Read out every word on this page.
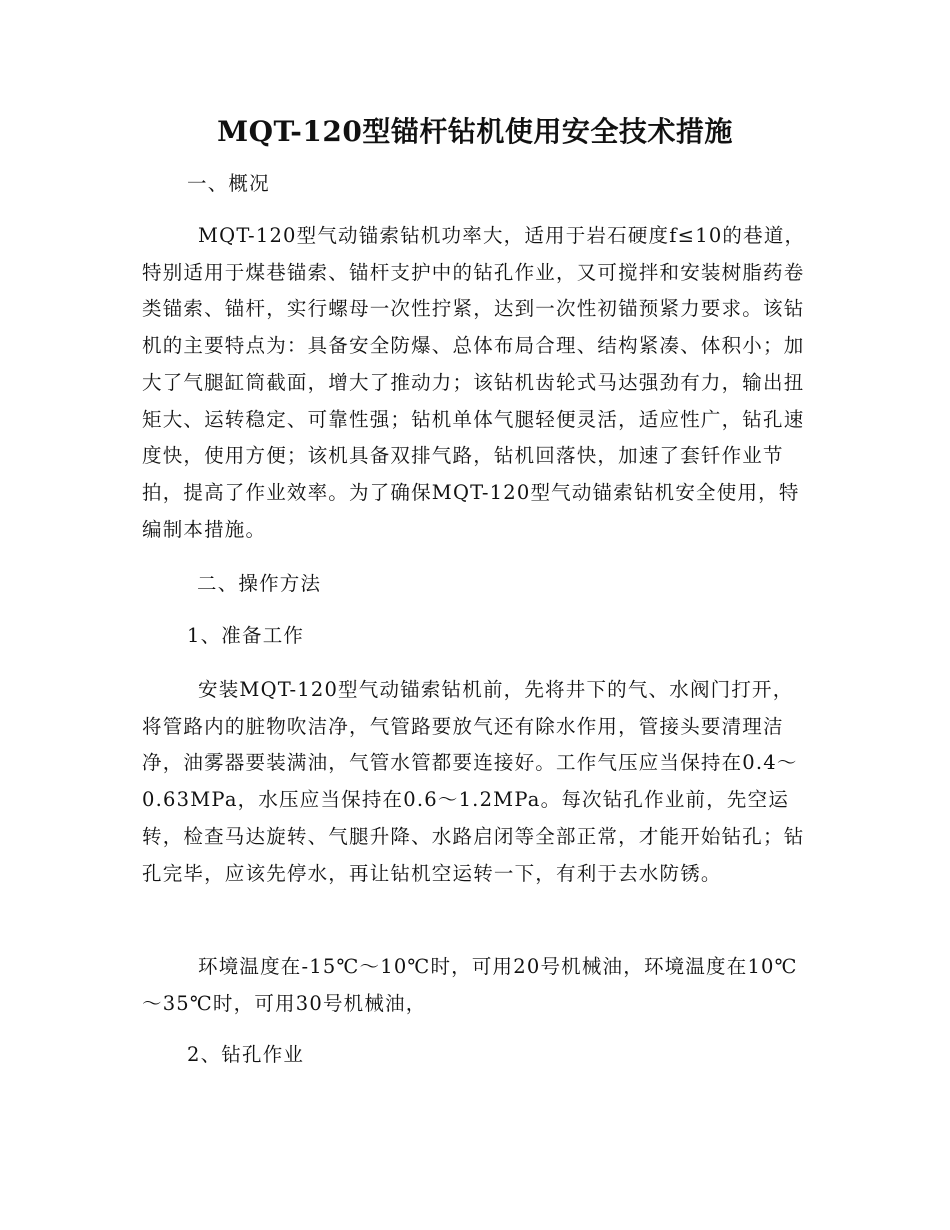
MQT-120型锚杆钻机使用安全技术措施

一、概况

MQT-120型气动锚索钻机功率大，适用于岩石硬度f≤10的巷道，特别适用于煤巷锚索、锚杆支护中的钻孔作业，又可搅拌和安装树脂药卷类锚索、锚杆，实行螺母一次性拧紧，达到一次性初锚预紧力要求。该钻机的主要特点为：具备安全防爆、总体布局合理、结构紧凑、体积小；加大了气腿缸筒截面，增大了推动力；该钻机齿轮式马达强劲有力，输出扭矩大、运转稳定、可靠性强；钻机单体气腿轻便灵活，适应性广，钻孔速度快，使用方便；该机具备双排气路，钻机回落快，加速了套钎作业节拍，提高了作业效率。为了确保MQT-120型气动锚索钻机安全使用，特编制本措施。

二、操作方法

1、准备工作

安装MQT-120型气动锚索钻机前，先将井下的气、水阀门打开，将管路内的脏物吹洁净，气管路要放气还有除水作用，管接头要清理洁净，油雾器要装满油，气管水管都要连接好。工作气压应当保持在0.4～0.63MPa，水压应当保持在0.6～1.2MPa。每次钻孔作业前，先空运转，检查马达旋转、气腿升降、水路启闭等全部正常，才能开始钻孔；钻孔完毕，应该先停水，再让钻机空运转一下，有利于去水防锈。

环境温度在-15℃～10℃时，可用20号机械油，环境温度在10℃～35℃时，可用30号机械油，

2、钻孔作业
